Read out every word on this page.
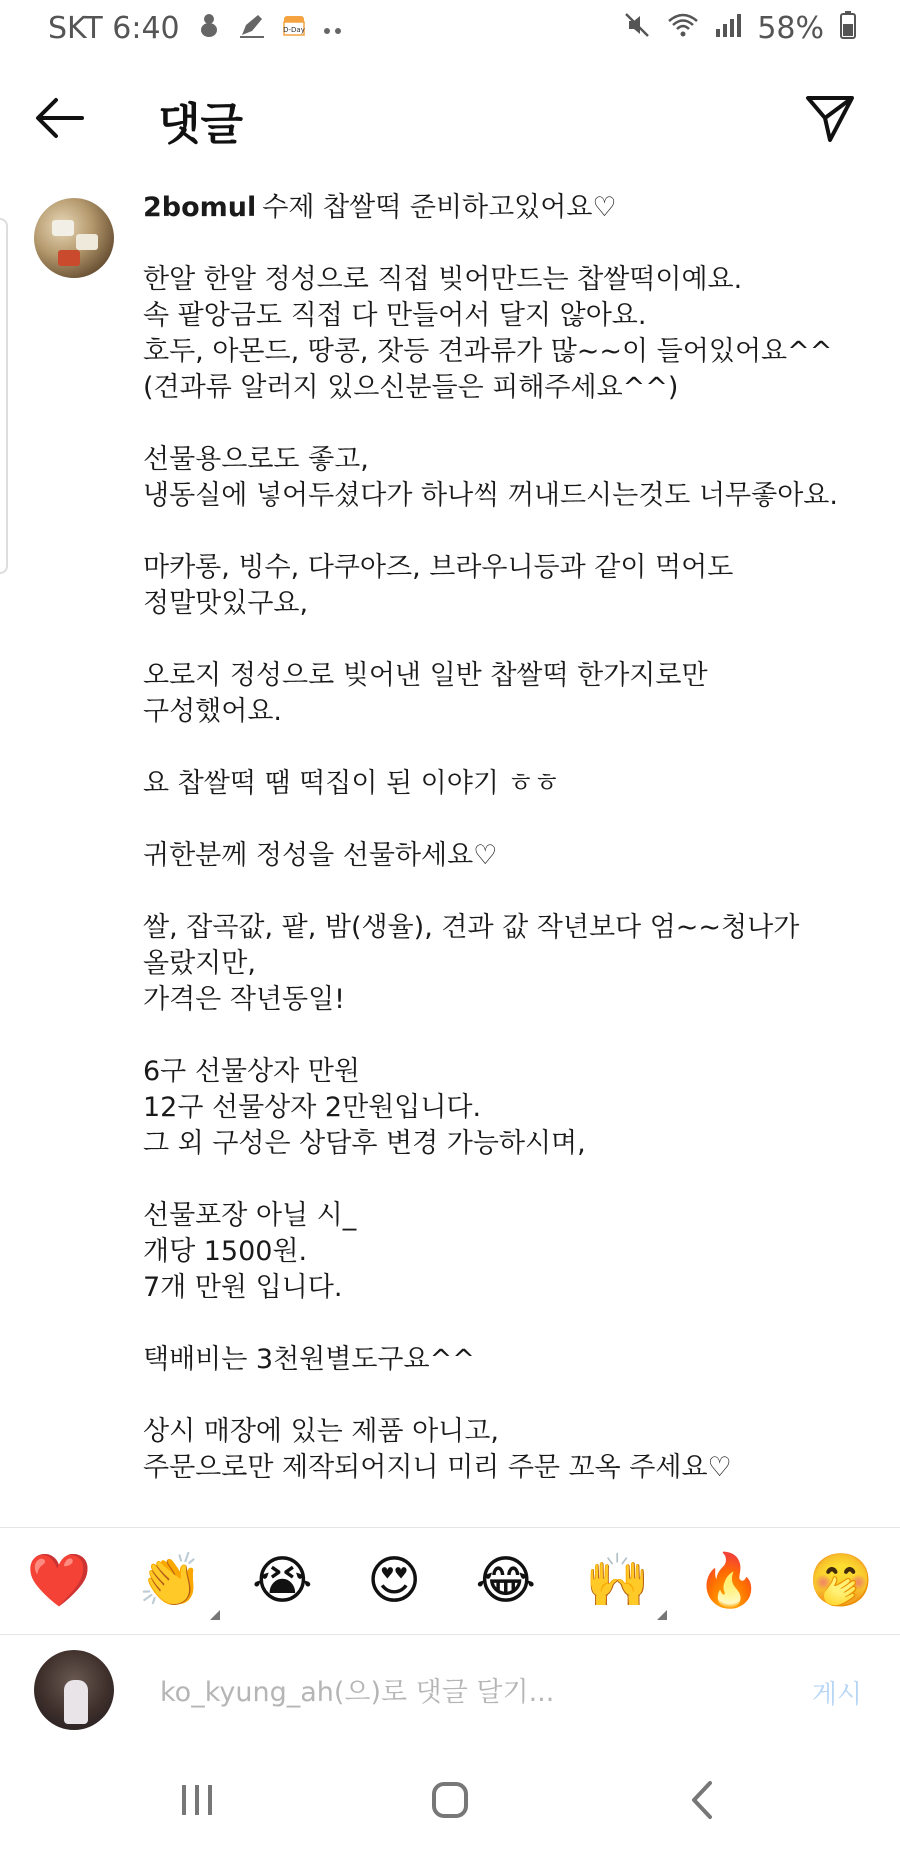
SKT 6:40	D-Day	58%
댓글
2bomul 수제 찹쌀떡 준비하고있어요♡

한알 한알 정성으로 직접 빚어만드는 찹쌀떡이예요.
속 팥앙금도 직접 다 만들어서 달지 않아요.
호두, 아몬드, 땅콩, 잣등 견과류가 많~~이 들어있어요^^
(견과류 알러지 있으신분들은 피해주세요^^)

선물용으로도 좋고,
냉동실에 넣어두셨다가 하나씩 꺼내드시는것도 너무좋아요.

마카롱, 빙수, 다쿠아즈, 브라우니등과 같이 먹어도
정말맛있구요,

오로지 정성으로 빚어낸 일반 찹쌀떡 한가지로만
구성했어요.

요 찹쌀떡 땜 떡집이 된 이야기 ㅎㅎ

귀한분께 정성을 선물하세요♡

쌀, 잡곡값, 팥, 밤(생율), 견과 값 작년보다 엄~~청나가
올랐지만,
가격은 작년동일!

6구 선물상자 만원
12구 선물상자 2만원입니다.
그 외 구성은 상담후 변경 가능하시며,

선물포장 아닐 시_
개당 1500원.
7개 만원 입니다.

택배비는 3천원별도구요^^

상시 매장에 있는 제품 아니고,
주문으로만 제작되어지니 미리 주문 꼬옥 주세요♡
❤️ 👏 😭 😍 😂 🙌 🔥 🤭
ko_kyung_ah(으)로 댓글 달기...
게시
